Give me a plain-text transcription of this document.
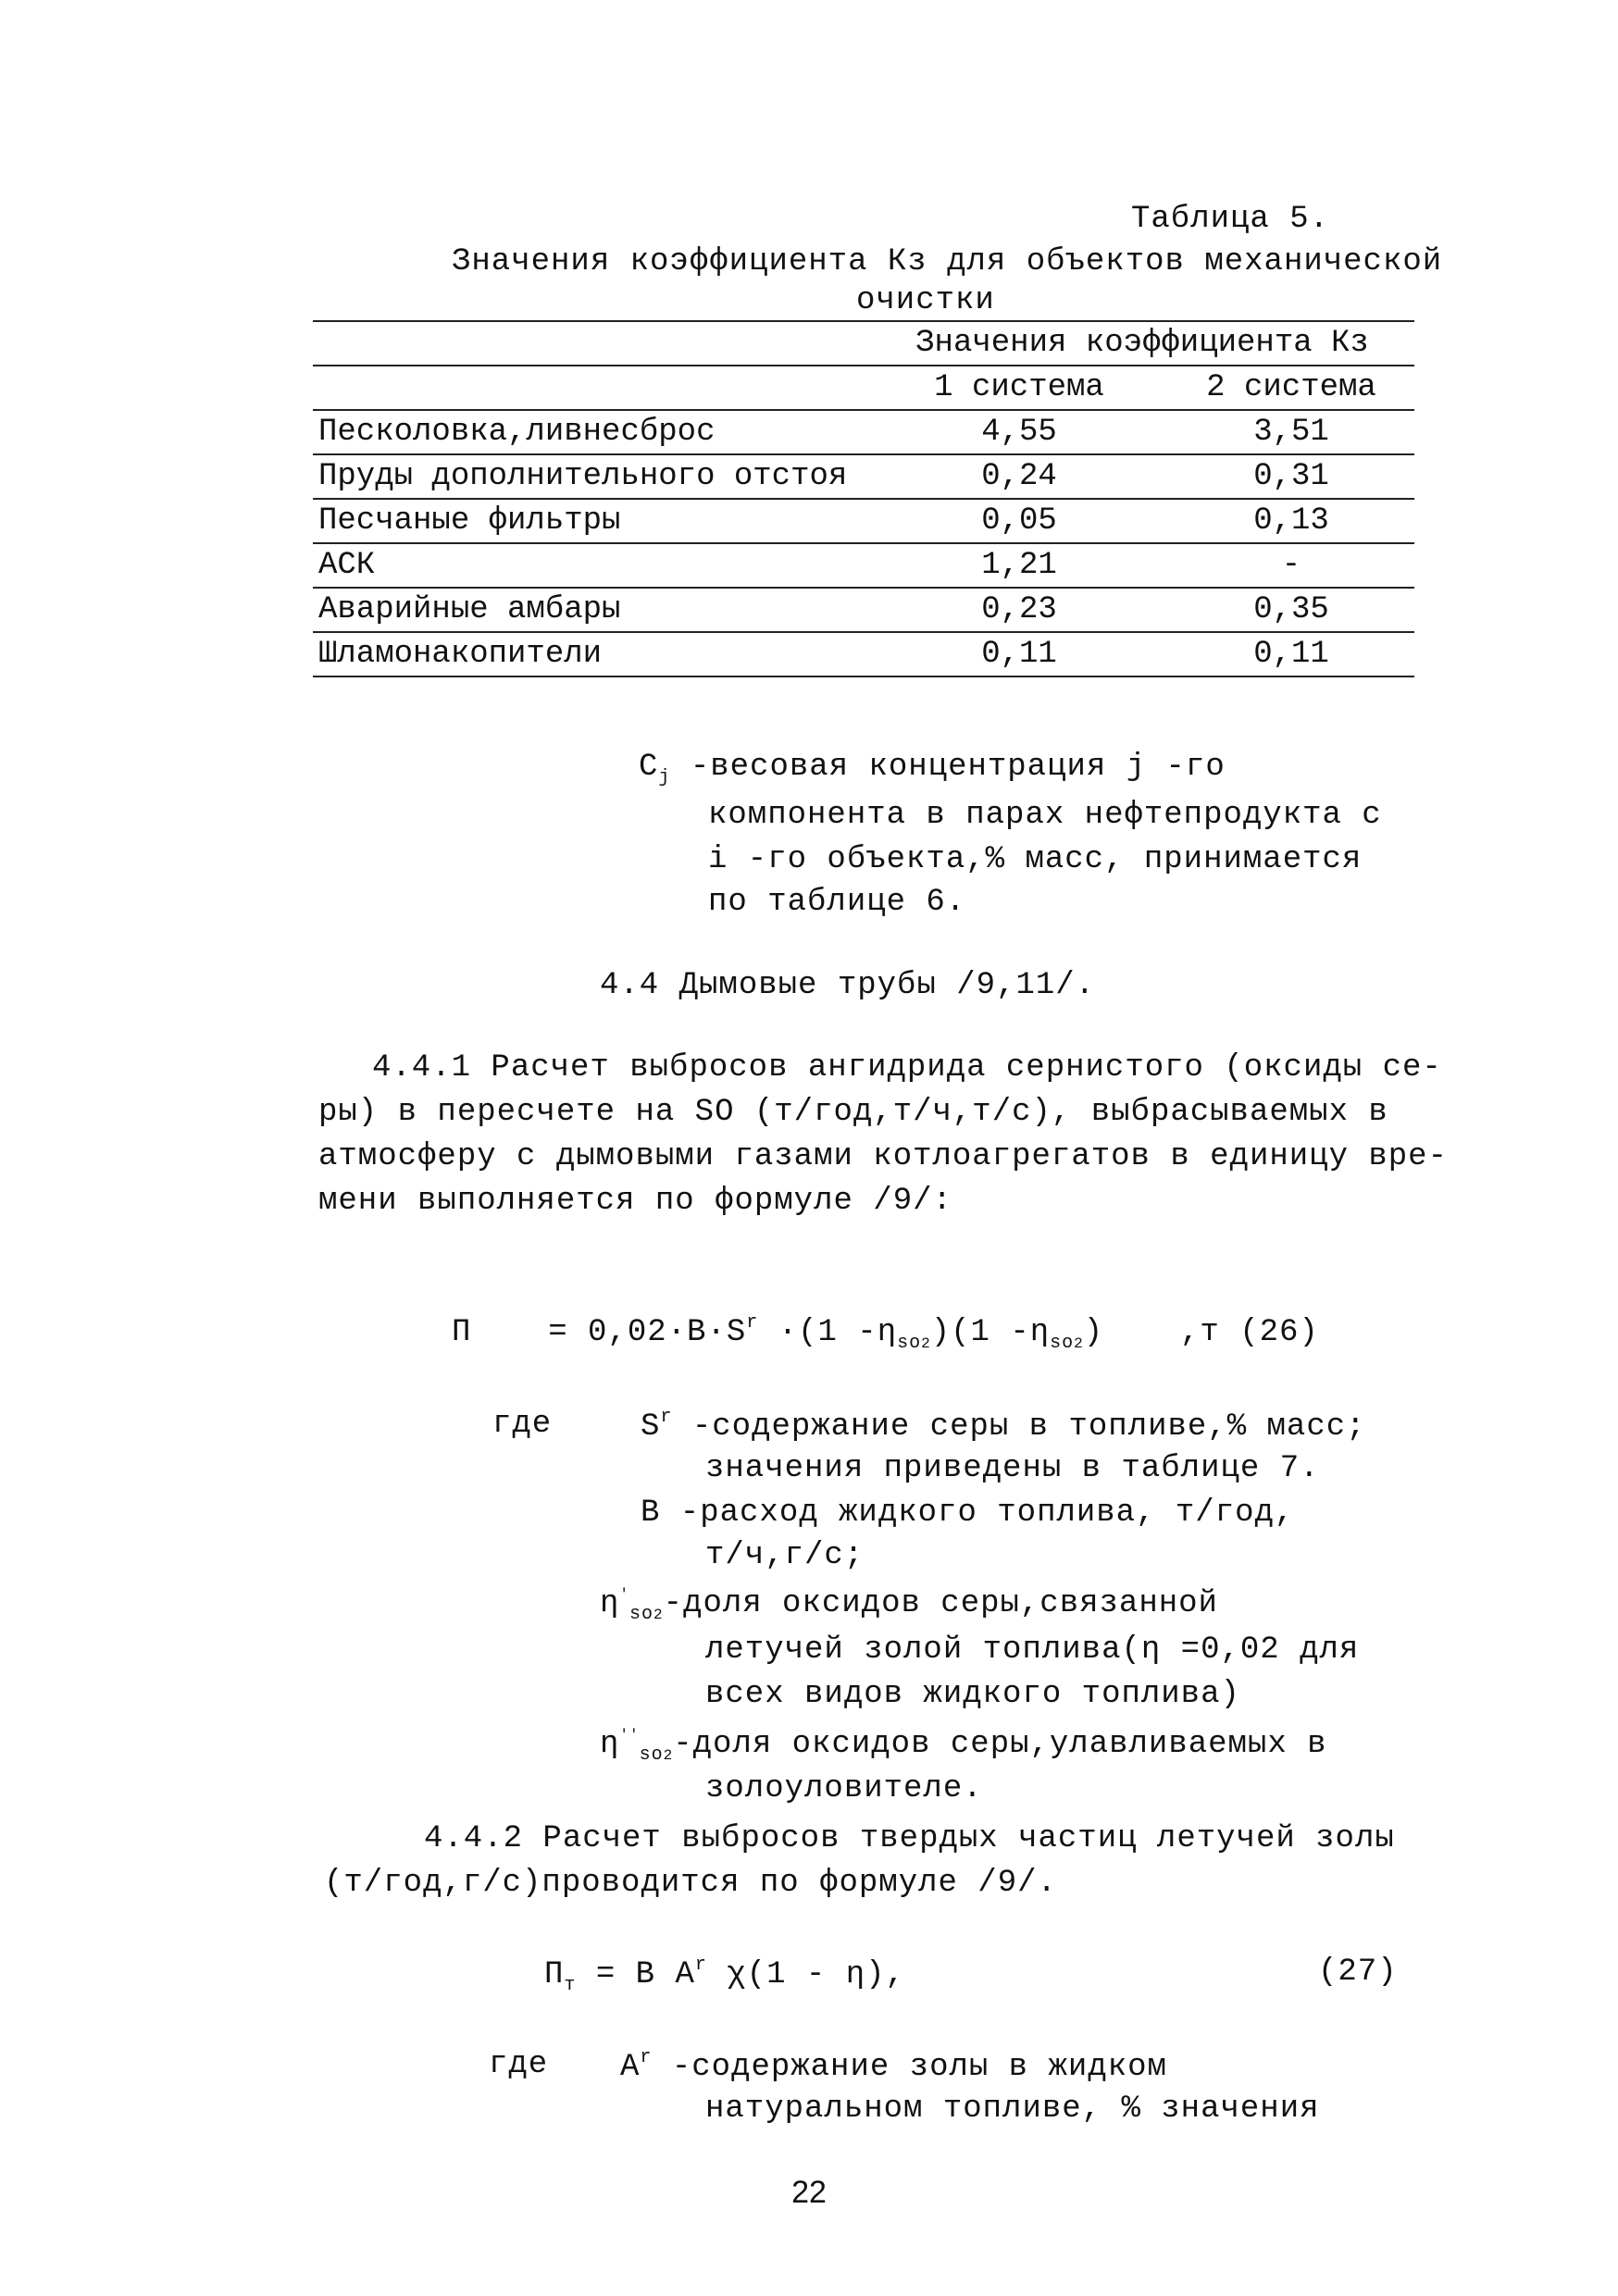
Таблица 5.
Значения коэффициента Кз для объектов механической
очистки
	Значения коэффициента Кз	
	1 система	2 система
Песколовка,ливнесброс	4,55	3,51
Пруды дополнительного отстоя	0,24	0,31
Песчаные фильтры	0,05	0,13
АСК	1,21	-
Аварийные амбары	0,23	0,35
Шламонакопители	0,11	0,11
$C_j$ -весовая концентрация j -го
компонента в парах нефтепродукта с
i -го объекта,% масс, принимается
по таблице 6.
4.4 Дымовые трубы /9,11/.
4.4.1 Расчет выбросов ангидрида сернистого (оксиды се-
ры) в пересчете на SO (т/год,т/ч,т/с), выбрасываемых в
атмосферу с дымовыми газами котлоагрегатов в единицу вре-
мени выполняется по формуле /9/:
$П = 0,02\cdot B\cdot S^r \cdot(1$ $-\eta_{so2})(1$ $-\eta_{so2}$) ,т (26)
где	$S^r$ -содержание серы в топливе,% масс;
значения приведены в таблице 7.
B -расход жидкого топлива, т/год,
т/ч,г/с;
$\eta'_{so2}$-доля оксидов серы,связанной
летучей золой топлива(η =0,02 для
всех видов жидкого топлива)
$\eta''_{so2}$-доля оксидов серы,улавливаемых в
золоуловителе.
4.4.2 Расчет выбросов твердых частиц летучей золы
(т/год,г/с)проводится по формуле /9/.
$П_т = B$ $A^r$ χ(1 - η),	(27)
где $A^r$ -содержание золы в жидком
натуральном топливе, % значения
22
